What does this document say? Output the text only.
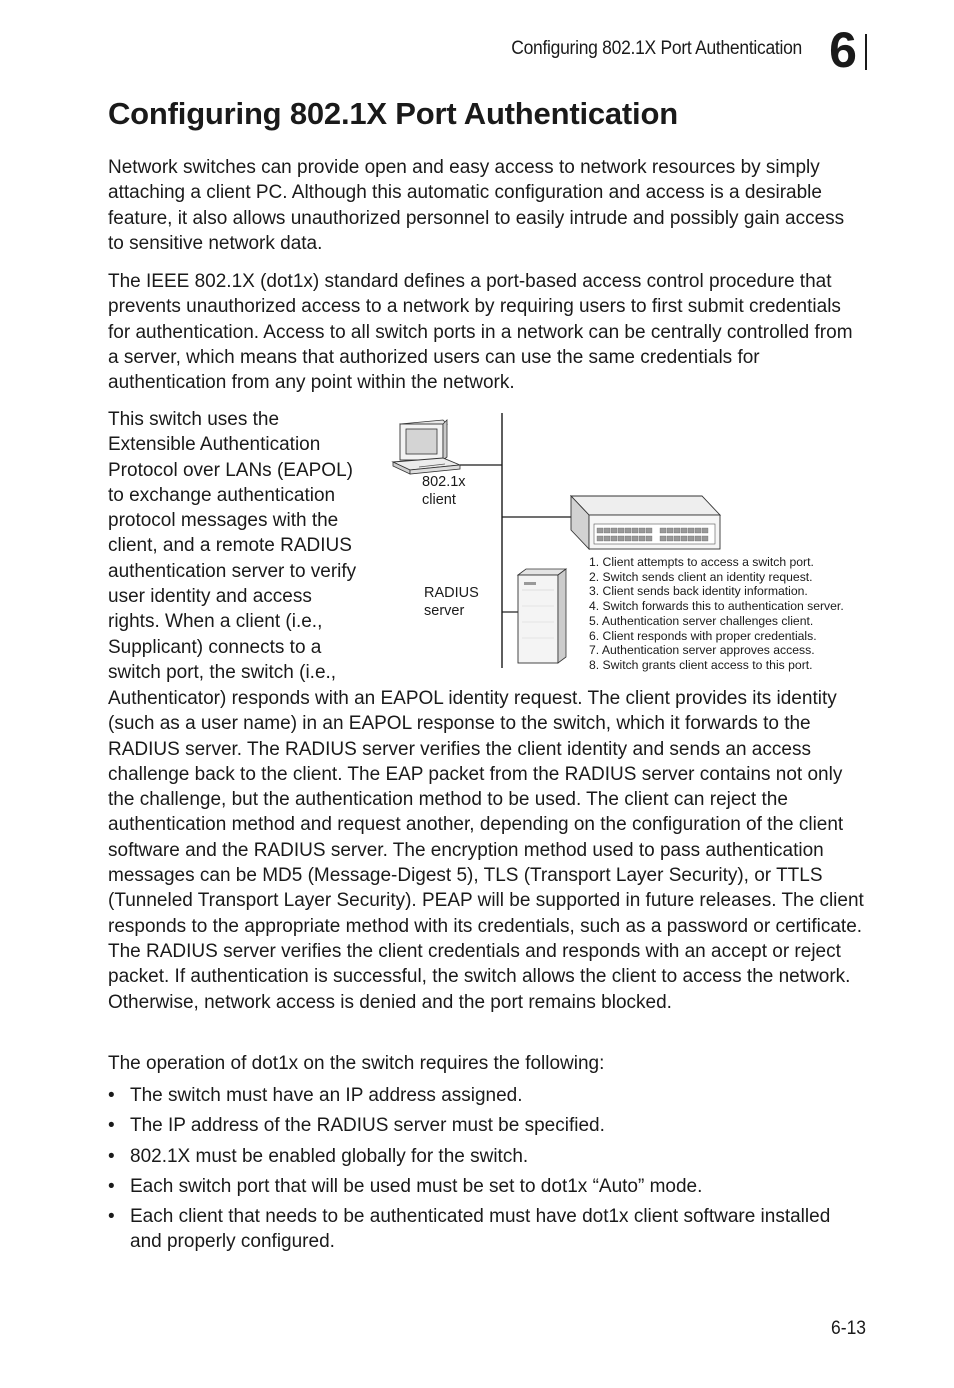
Configuring 802.1X Port Authentication 6
Configuring 802.1X Port Authentication

Network switches can provide open and easy access to network resources by simply attaching a client PC. Although this automatic configuration and access is a desirable feature, it also allows unauthorized personnel to easily intrude and possibly gain access to sensitive network data.

The IEEE 802.1X (dot1x) standard defines a port-based access control procedure that prevents unauthorized access to a network by requiring users to first submit credentials for authentication. Access to all switch ports in a network can be centrally controlled from a server, which means that authorized users can use the same credentials for authentication from any point within the network.

This switch uses the
Extensible Authentication
Protocol over LANs (EAPOL)
to exchange authentication
protocol messages with the
client, and a remote RADIUS
authentication server to verify
user identity and access
rights. When a client (i.e.,
Supplicant) connects to a
switch port, the switch (i.e.,

Authenticator) responds with an EAPOL identity request. The client provides its identity (such as a user name) in an EAPOL response to the switch, which it forwards to the RADIUS server. The RADIUS server verifies the client identity and sends an access challenge back to the client. The EAP packet from the RADIUS server contains not only the challenge, but the authentication method to be used. The client can reject the authentication method and request another, depending on the configuration of the client software and the RADIUS server. The encryption method used to pass authentication messages can be MD5 (Message-Digest 5), TLS (Transport Layer Security), or TTLS (Tunneled Transport Layer Security). PEAP will be supported in future releases. The client responds to the appropriate method with its credentials, such as a password or certificate. The RADIUS server verifies the client credentials and responds with an accept or reject packet. If authentication is successful, the switch allows the client to access the network. Otherwise, network access is denied and the port remains blocked.

802.1x
client
RADIUS
server
1. Client attempts to access a switch port.
2. Switch sends client an identity request.
3. Client sends back identity information.
4. Switch forwards this to authentication server.
5. Authentication server challenges client.
6. Client responds with proper credentials.
7. Authentication server approves access.
8. Switch grants client access to this port.

The operation of dot1x on the switch requires the following:

• The switch must have an IP address assigned.
• The IP address of the RADIUS server must be specified.
• 802.1X must be enabled globally for the switch.
• Each switch port that will be used must be set to dot1x “Auto” mode.
• Each client that needs to be authenticated must have dot1x client software installed and properly configured.
6-13
